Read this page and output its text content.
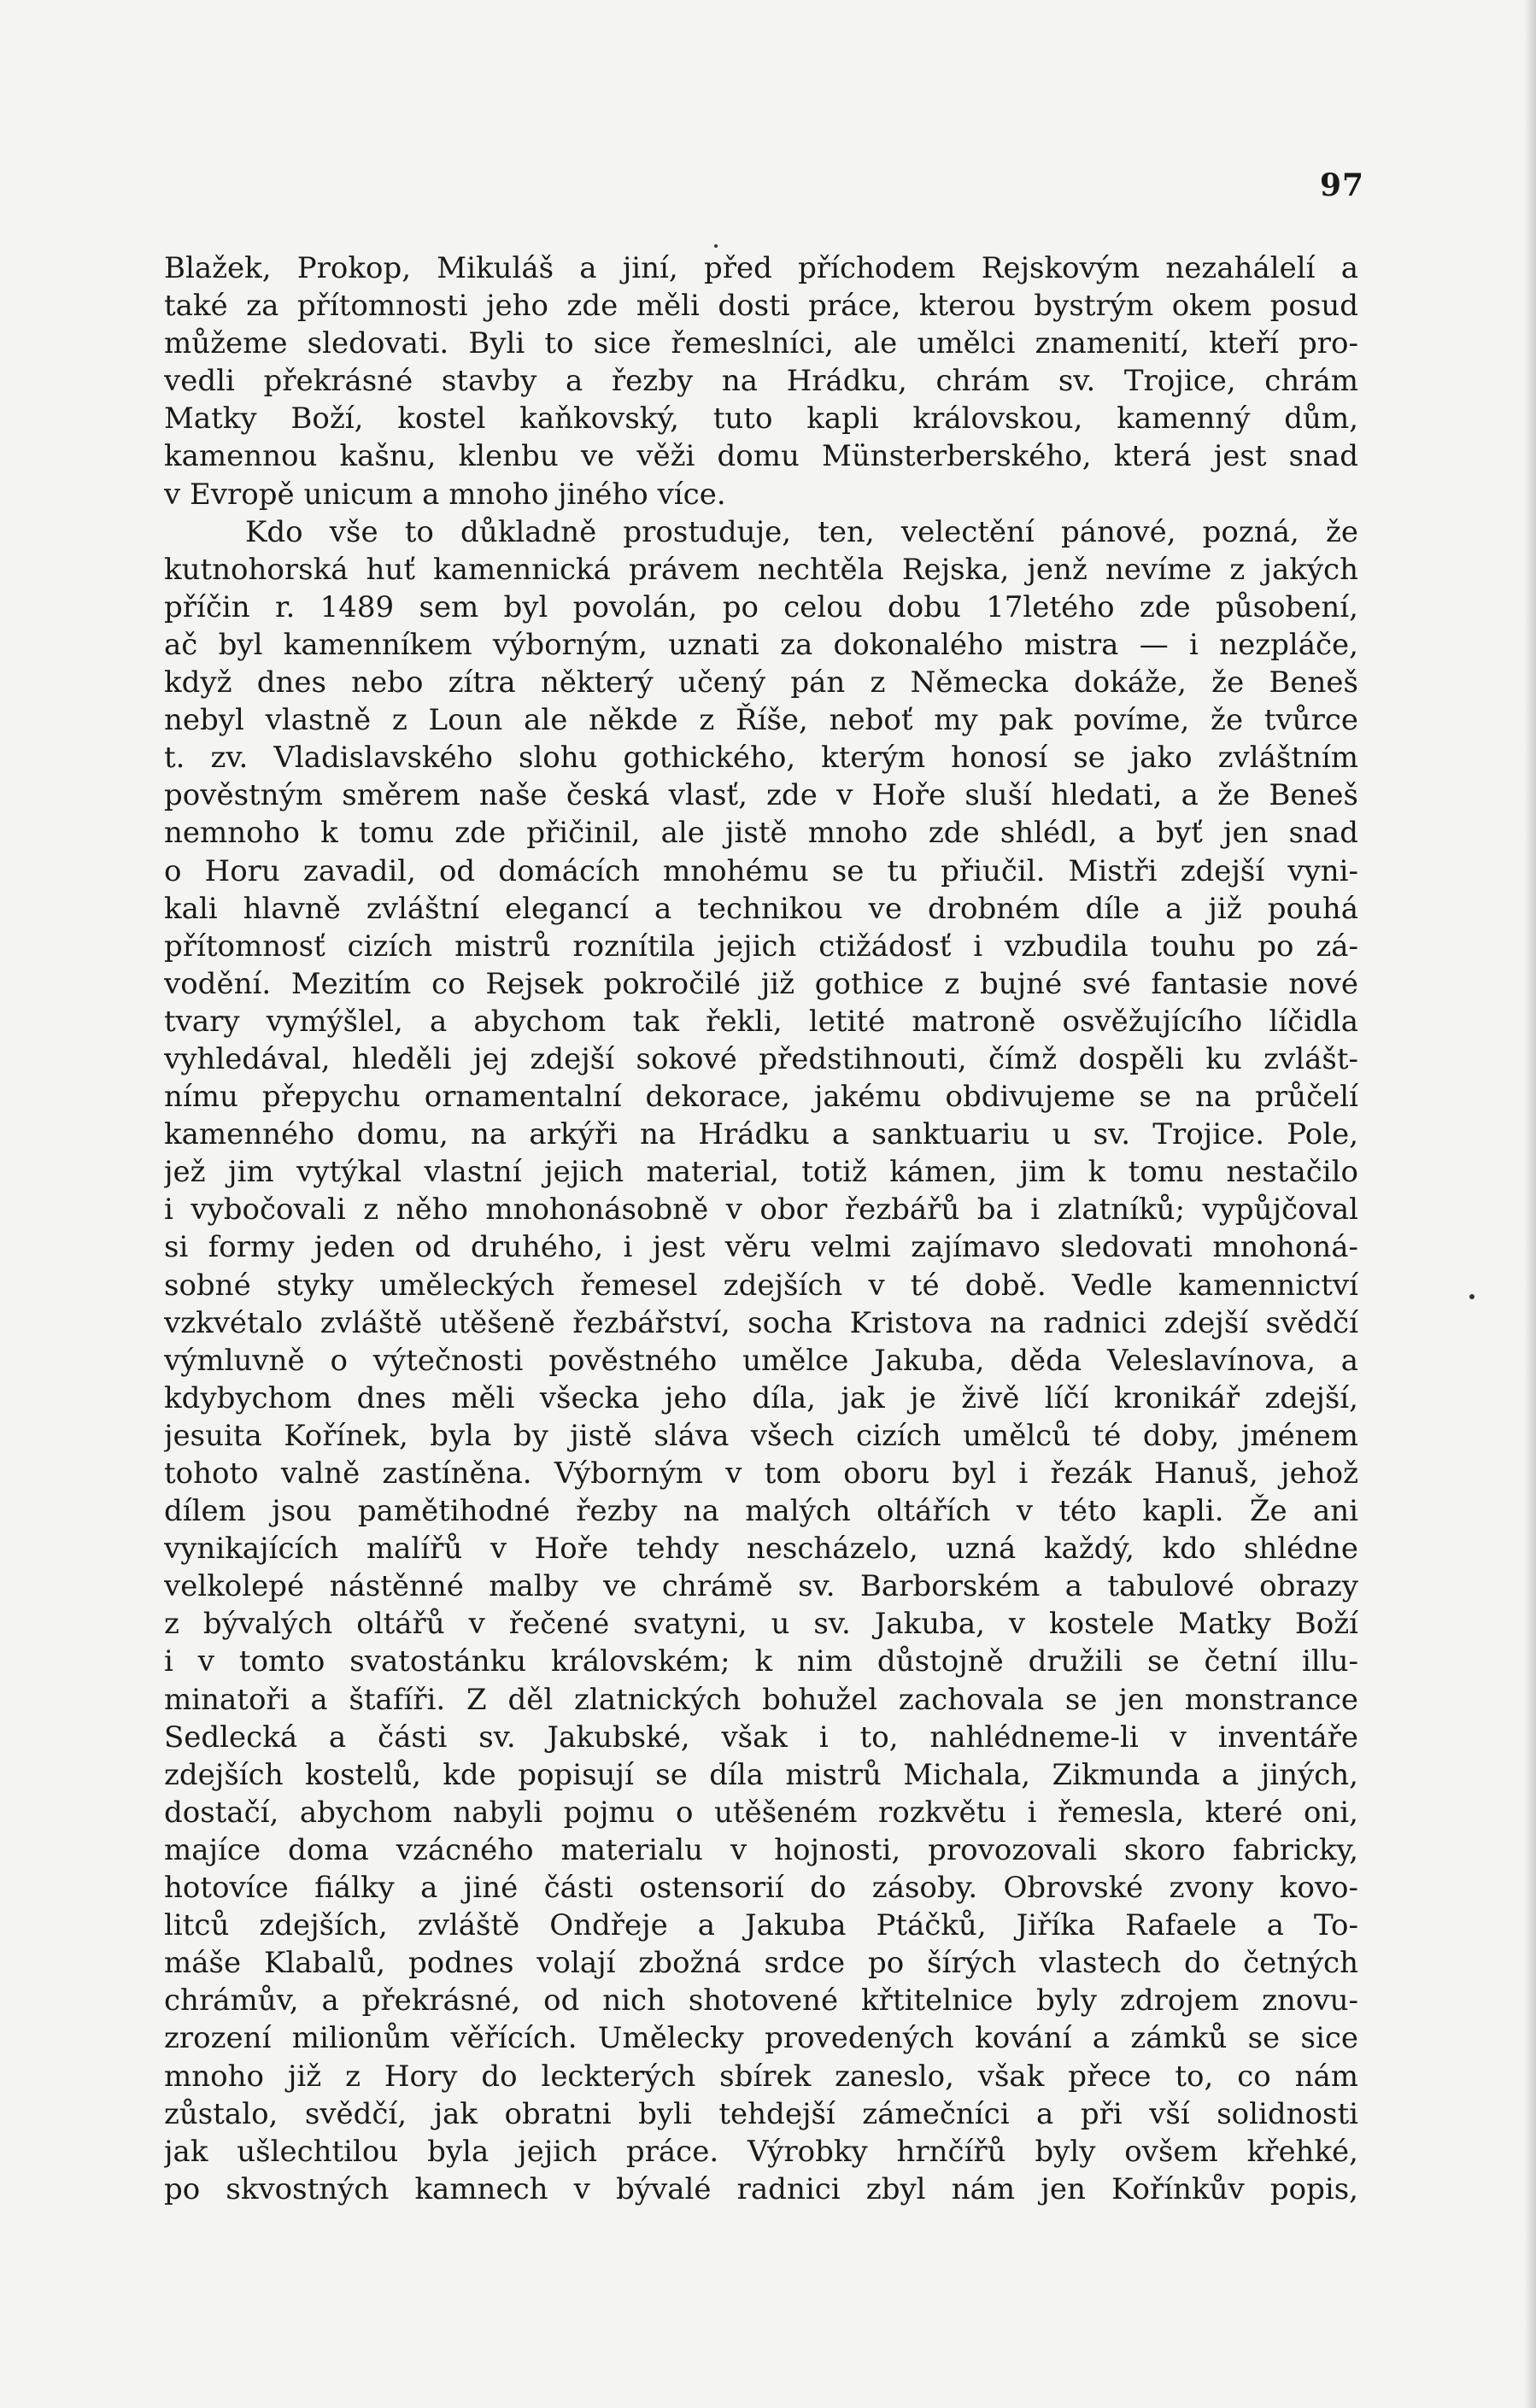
97
Blažek, Prokop, Mikuláš a jiní, před příchodem Rejskovým nezahálelí a
také za přítomnosti jeho zde měli dosti práce, kterou bystrým okem posud
můžeme sledovati. Byli to sice řemeslníci, ale umělci znamenití, kteří pro-
vedli překrásné stavby a řezby na Hrádku, chrám sv. Trojice, chrám
Matky Boží, kostel kaňkovský, tuto kapli královskou, kamenný dům,
kamennou kašnu, klenbu ve věži domu Münsterberského, která jest snad
v Evropě unicum a mnoho jiného více.
Kdo vše to důkladně prostuduje, ten, velectění pánové, pozná, že
kutnohorská huť kamennická právem nechtěla Rejska, jenž nevíme z jakých
příčin r. 1489 sem byl povolán, po celou dobu 17letého zde působení,
ač byl kamenníkem výborným, uznati za dokonalého mistra — i nezpláče,
když dnes nebo zítra některý učený pán z Německa dokáže, že Beneš
nebyl vlastně z Loun ale někde z Říše, neboť my pak povíme, že tvůrce
t. zv. Vladislavského slohu gothického, kterým honosí se jako zvláštním
pověstným směrem naše česká vlasť, zde v Hoře sluší hledati, a že Beneš
nemnoho k tomu zde přičinil, ale jistě mnoho zde shlédl, a byť jen snad
o Horu zavadil, od domácích mnohému se tu přiučil. Mistři zdejší vyni-
kali hlavně zvláštní elegancí a technikou ve drobném díle a již pouhá
přítomnosť cizích mistrů roznítila jejich ctižádosť i vzbudila touhu po zá-
vodění. Mezitím co Rejsek pokročilé již gothice z bujné své fantasie nové
tvary vymýšlel, a abychom tak řekli, letité matroně osvěžujícího líčidla
vyhledával, hleděli jej zdejší sokové předstihnouti, čímž dospěli ku zvlášt-
nímu přepychu ornamentalní dekorace, jakému obdivujeme se na průčelí
kamenného domu, na arkýři na Hrádku a sanktuariu u sv. Trojice. Pole,
jež jim vytýkal vlastní jejich material, totiž kámen, jim k tomu nestačilo
i vybočovali z něho mnohonásobně v obor řezbářů ba i zlatníků; vypůjčoval
si formy jeden od druhého, i jest věru velmi zajímavo sledovati mnohoná-
sobné styky uměleckých řemesel zdejších v té době. Vedle kamennictví
vzkvétalo zvláště utěšeně řezbářství, socha Kristova na radnici zdejší svědčí
výmluvně o výtečnosti pověstného umělce Jakuba, děda Veleslavínova, a
kdybychom dnes měli všecka jeho díla, jak je živě líčí kronikář zdejší,
jesuita Kořínek, byla by jistě sláva všech cizích umělců té doby, jménem
tohoto valně zastíněna. Výborným v tom oboru byl i řezák Hanuš, jehož
dílem jsou pamětihodné řezby na malých oltářích v této kapli. Že ani
vynikajících malířů v Hoře tehdy nescházelo, uzná každý, kdo shlédne
velkolepé nástěnné malby ve chrámě sv. Barborském a tabulové obrazy
z bývalých oltářů v řečené svatyni, u sv. Jakuba, v kostele Matky Boží
i v tomto svatostánku královském; k nim důstojně družili se četní illu-
minatoři a štafíři. Z děl zlatnických bohužel zachovala se jen monstrance
Sedlecká a části sv. Jakubské, však i to, nahlédneme-li v inventáře
zdejších kostelů, kde popisují se díla mistrů Michala, Zikmunda a jiných,
dostačí, abychom nabyli pojmu o utěšeném rozkvětu i řemesla, které oni,
majíce doma vzácného materialu v hojnosti, provozovali skoro fabricky,
hotovíce fiálky a jiné části ostensorií do zásoby. Obrovské zvony kovo-
litců zdejších, zvláště Ondřeje a Jakuba Ptáčků, Jiříka Rafaele a To-
máše Klabalů, podnes volají zbožná srdce po šírých vlastech do četných
chrámův, a překrásné, od nich shotovené křtitelnice byly zdrojem znovu-
zrození milionům věřících. Umělecky provedených kování a zámků se sice
mnoho již z Hory do leckterých sbírek zaneslo, však přece to, co nám
zůstalo, svědčí, jak obratni byli tehdejší zámečníci a při vší solidnosti
jak ušlechtilou byla jejich práce. Výrobky hrnčířů byly ovšem křehké,
po skvostných kamnech v bývalé radnici zbyl nám jen Kořínkův popis,
